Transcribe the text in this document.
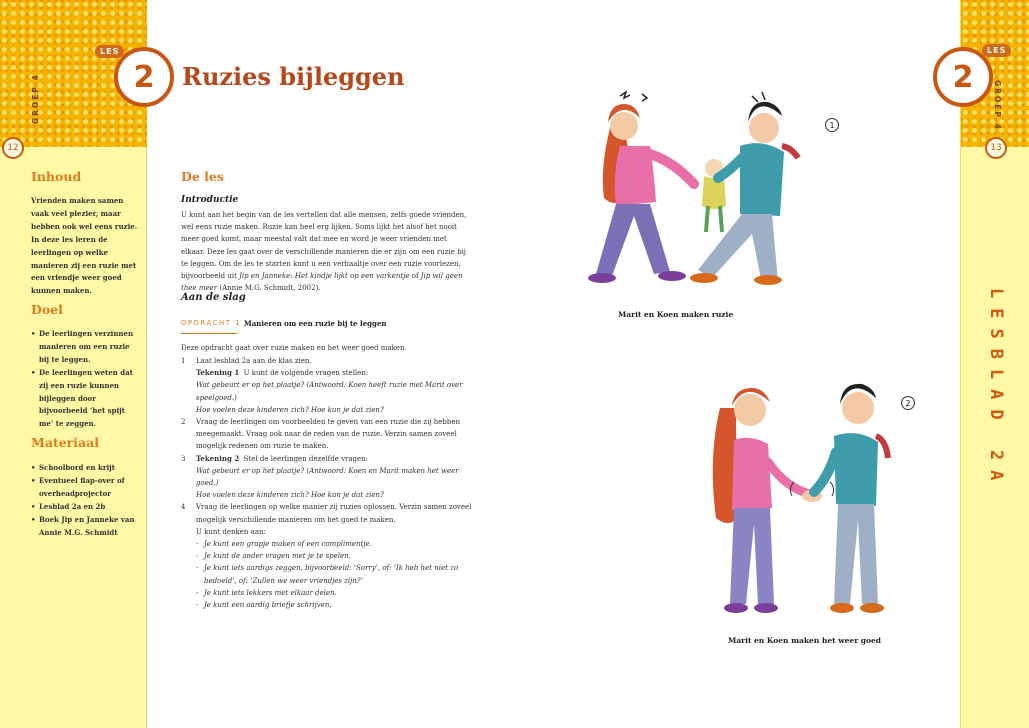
GROEP 4
12
LES
2
Inhoud
Vrienden maken samen vaak veel plezier, maar hebben ook wel eens ruzie. In deze les leren de leerlingen op welke manieren zij een ruzie met een vriendje weer goed kunnen maken.
Doel
• De leerlingen verzinnen manieren om een ruzie bij te leggen.
• De leerlingen weten dat zij een ruzie kunnen bijleggen door bijvoorbeeld ‘het spijt me’ te zeggen.
Materiaal
• Schoolbord en krijt
• Eventueel flap-over of overheadprojector
• Lesblad 2a en 2b
• Boek Jip en Janneke van Annie M.G. Schmidt
Ruzies bijleggen
De les
Introductie
U kunt aan het begin van de les vertellen dat alle mensen, zelfs goede vrienden, wel eens ruzie maken. Ruzie kan heel erg lijken. Soms lijkt het alsof het nooit meer goed komt, maar meestal valt dat mee en word je weer vrienden met elkaar. Deze les gaat over de verschillende manieren die er zijn om een ruzie bij te leggen. Om de les te starten kunt u een verhaaltje over een ruzie voorlezen, bijvoorbeeld uit Jip en Janneke: Het kindje lijkt op een varkentje of Jip wil geen thee meer (Annie M.G. Schmidt, 2002).
Aan de slag
OPDRACHT 1 Manieren om een ruzie bij te leggen
Deze opdracht gaat over ruzie maken en het weer goed maken.
1 Laat lesblad 2a aan de klas zien.
Tekening 1 U kunt de volgende vragen stellen:
Wat gebeurt er op het plaatje? (Antwoord: Koen heeft ruzie met Marit over speelgoed.)
Hoe voelen deze kinderen zich? Hoe kun je dat zien?
2 Vraag de leerlingen om voorbeelden te geven van een ruzie die zij hebben meegemaakt. Vraag ook naar de reden van de ruzie. Verzin samen zoveel mogelijk redenen om ruzie te maken.
3 Tekening 2 Stel de leerlingen dezelfde vragen:
Wat gebeurt er op het plaatje? (Antwoord: Koen en Marit maken het weer goed.)
Hoe voelen deze kinderen zich? Hoe kun je dat zien?
4 Vraag de leerlingen op welke manier zij ruzies oplossen. Verzin samen zoveel mogelijk verschillende manieren om het goed te maken.
U kunt denken aan:
- Je kunt een grapje maken of een complimentje.
- Je kunt de ander vragen met je te spelen.
- Je kunt iets aardigs zeggen, bijvoorbeeld: ‘Sorry’, of: ‘Ik heb het niet zo bedoeld’, of: ‘Zullen we weer vriendjes zijn?’
- Je kunt iets lekkers met elkaar delen.
- Je kunt een aardig briefje schrijven.
1
Marit en Koen maken ruzie
2
Marit en Koen maken het weer goed
2
LES
GROEP 4
13
LESBLAD 2A
